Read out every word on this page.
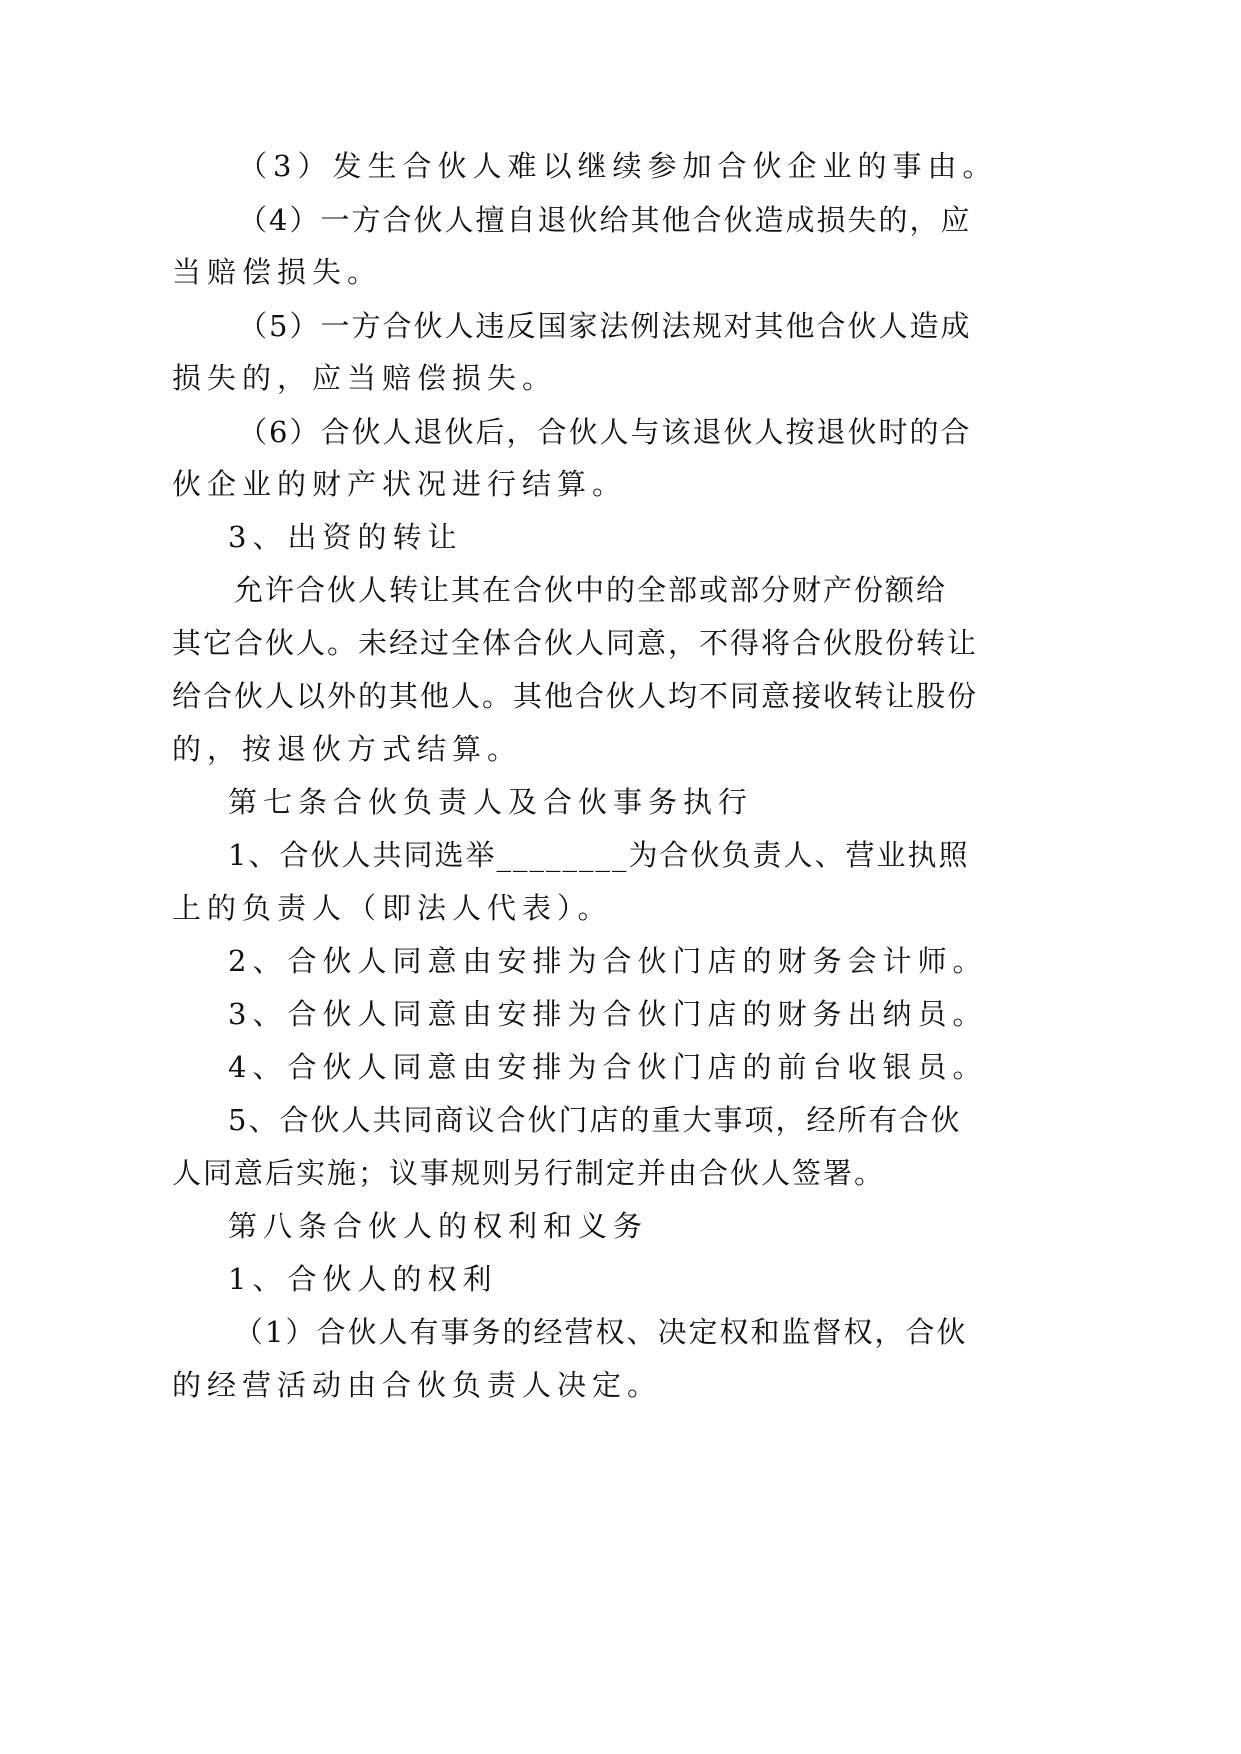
（3）发生合伙人难以继续参加合伙企业的事由。
（4）一方合伙人擅自退伙给其他合伙造成损失的，应
当赔偿损失。
（5）一方合伙人违反国家法例法规对其他合伙人造成
损失的，应当赔偿损失。
（6）合伙人退伙后，合伙人与该退伙人按退伙时的合
伙企业的财产状况进行结算。
3、出资的转让
允许合伙人转让其在合伙中的全部或部分财产份额给
其它合伙人。未经过全体合伙人同意，不得将合伙股份转让
给合伙人以外的其他人。其他合伙人均不同意接收转让股份
的，按退伙方式结算。
第七条合伙负责人及合伙事务执行
1、合伙人共同选举________为合伙负责人、营业执照
上的负责人（即法人代表）。
2、合伙人同意由安排为合伙门店的财务会计师。
3、合伙人同意由安排为合伙门店的财务出纳员。
4、合伙人同意由安排为合伙门店的前台收银员。
5、合伙人共同商议合伙门店的重大事项，经所有合伙
人同意后实施；议事规则另行制定并由合伙人签署。
第八条合伙人的权利和义务
1、合伙人的权利
（1）合伙人有事务的经营权、决定权和监督权，合伙
的经营活动由合伙负责人决定。
